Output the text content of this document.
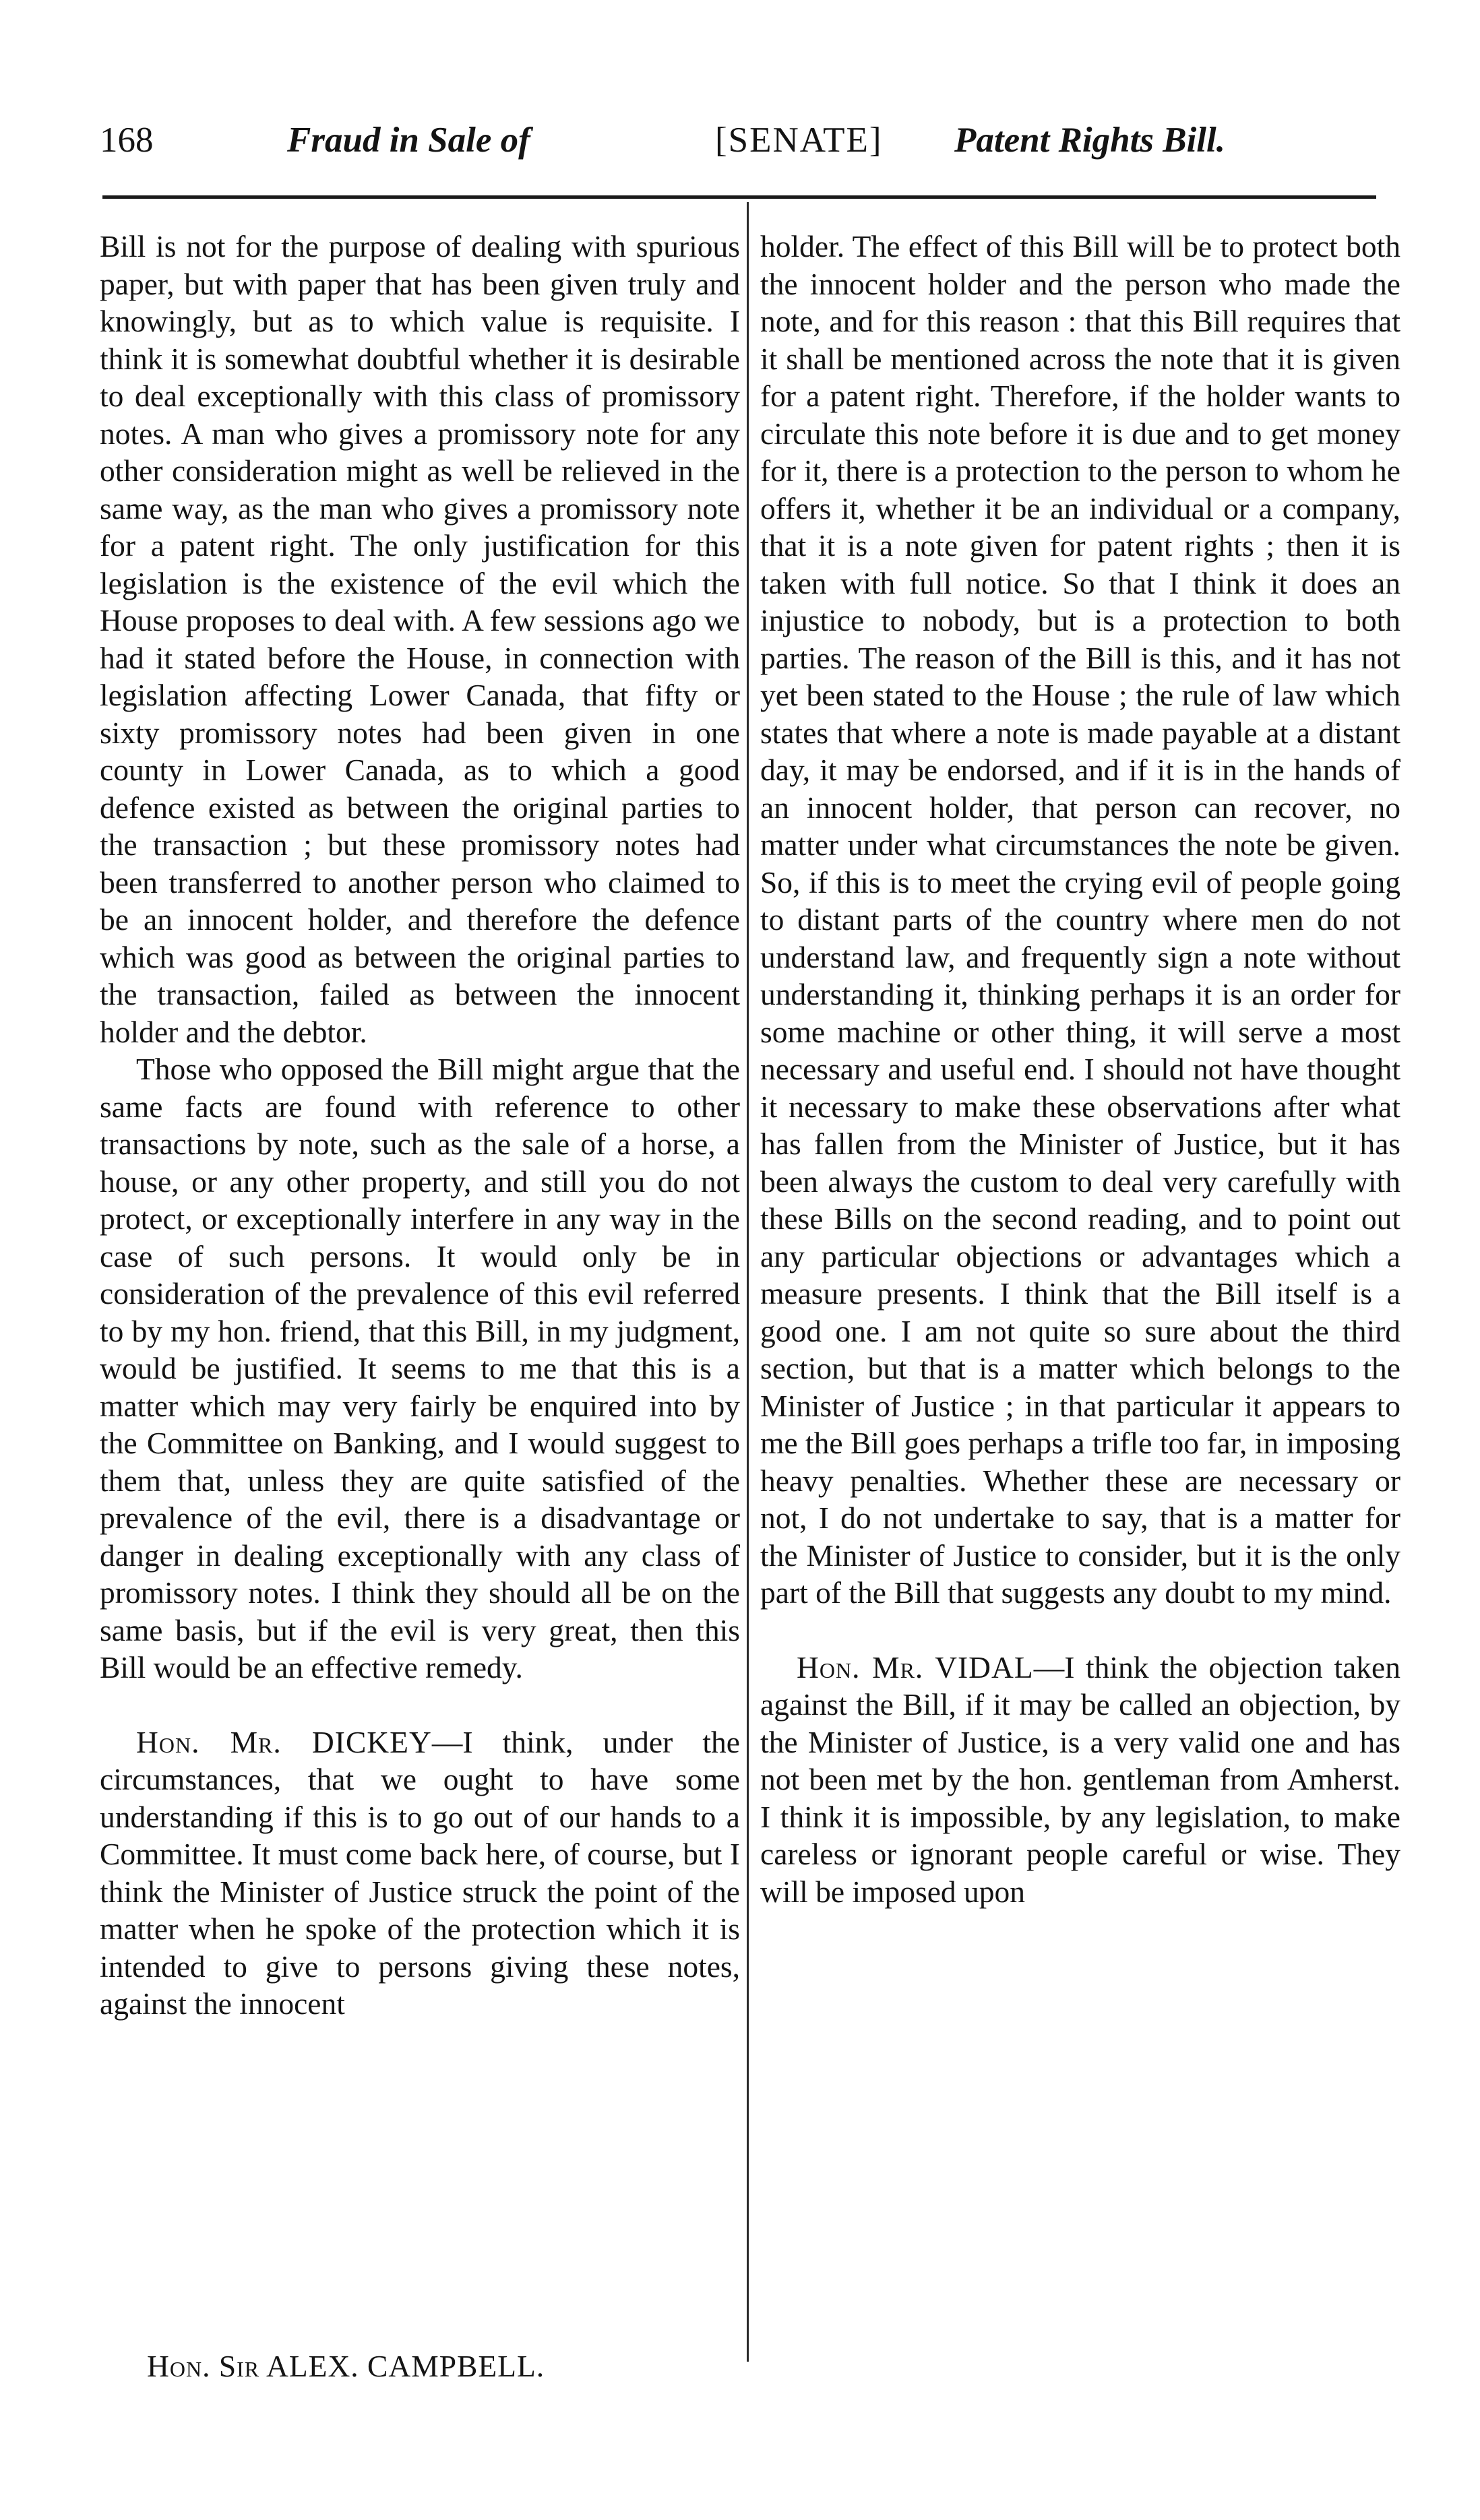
168	Fraud in Sale of	[SENATE] Patent Rights Bill.

Bill is not for the purpose of dealing with spurious paper, but with paper that has been given truly and knowingly, but as to which value is requisite. I think it is somewhat doubtful whether it is desirable to deal exceptionally with this class of promissory notes. A man who gives a promissory note for any other consideration might as well be relieved in the same way, as the man who gives a promissory note for a patent right. The only justification for this legislation is the existence of the evil which the House proposes to deal with. A few sessions ago we had it stated before the House, in connection with legislation affecting Lower Canada, that fifty or sixty promissory notes had been given in one county in Lower Canada, as to which a good defence existed as between the original parties to the transaction ; but these promissory notes had been transferred to another person who claimed to be an innocent holder, and therefore the defence which was good as between the original parties to the transaction, failed as between the innocent holder and the debtor.

Those who opposed the Bill might argue that the same facts are found with reference to other transactions by note, such as the sale of a horse, a house, or any other property, and still you do not protect, or exceptionally interfere in any way in the case of such persons. It would only be in consideration of the prevalence of this evil referred to by my hon. friend, that this Bill, in my judgment, would be justified. It seems to me that this is a matter which may very fairly be enquired into by the Committee on Banking, and I would suggest to them that, unless they are quite satisfied of the prevalence of the evil, there is a disadvantage or danger in dealing exceptionally with any class of promissory notes. I think they should all be on the same basis, but if the evil is very great, then this Bill would be an effective remedy.

Hon. Mr. DICKEY—I think, under the circumstances, that we ought to have some understanding if this is to go out of our hands to a Committee. It must come back here, of course, but I think the Minister of Justice struck the point of the matter when he spoke of the protection which it is intended to give to persons giving these notes, against the innocent

holder. The effect of this Bill will be to protect both the innocent holder and the person who made the note, and for this reason : that this Bill requires that it shall be mentioned across the note that it is given for a patent right. Therefore, if the holder wants to circulate this note before it is due and to get money for it, there is a protection to the person to whom he offers it, whether it be an individual or a company, that it is a note given for patent rights ; then it is taken with full notice. So that I think it does an injustice to nobody, but is a protection to both parties. The reason of the Bill is this, and it has not yet been stated to the House ; the rule of law which states that where a note is made payable at a distant day, it may be endorsed, and if it is in the hands of an innocent holder, that person can recover, no matter under what circumstances the note be given. So, if this is to meet the crying evil of people going to distant parts of the country where men do not understand law, and frequently sign a note without understanding it, thinking perhaps it is an order for some machine or other thing, it will serve a most necessary and useful end. I should not have thought it necessary to make these observations after what has fallen from the Minister of Justice, but it has been always the custom to deal very carefully with these Bills on the second reading, and to point out any particular objections or advantages which a measure presents. I think that the Bill itself is a good one. I am not quite so sure about the third section, but that is a matter which belongs to the Minister of Justice ; in that particular it appears to me the Bill goes perhaps a trifle too far, in imposing heavy penalties. Whether these are necessary or not, I do not undertake to say, that is a matter for the Minister of Justice to consider, but it is the only part of the Bill that suggests any doubt to my mind.

Hon. Mr. VIDAL—I think the objection taken against the Bill, if it may be called an objection, by the Minister of Justice, is a very valid one and has not been met by the hon. gentleman from Amherst. I think it is impossible, by any legislation, to make careless or ignorant people careful or wise. They will be imposed upon

Hon. Sir ALEX. CAMPBELL.
